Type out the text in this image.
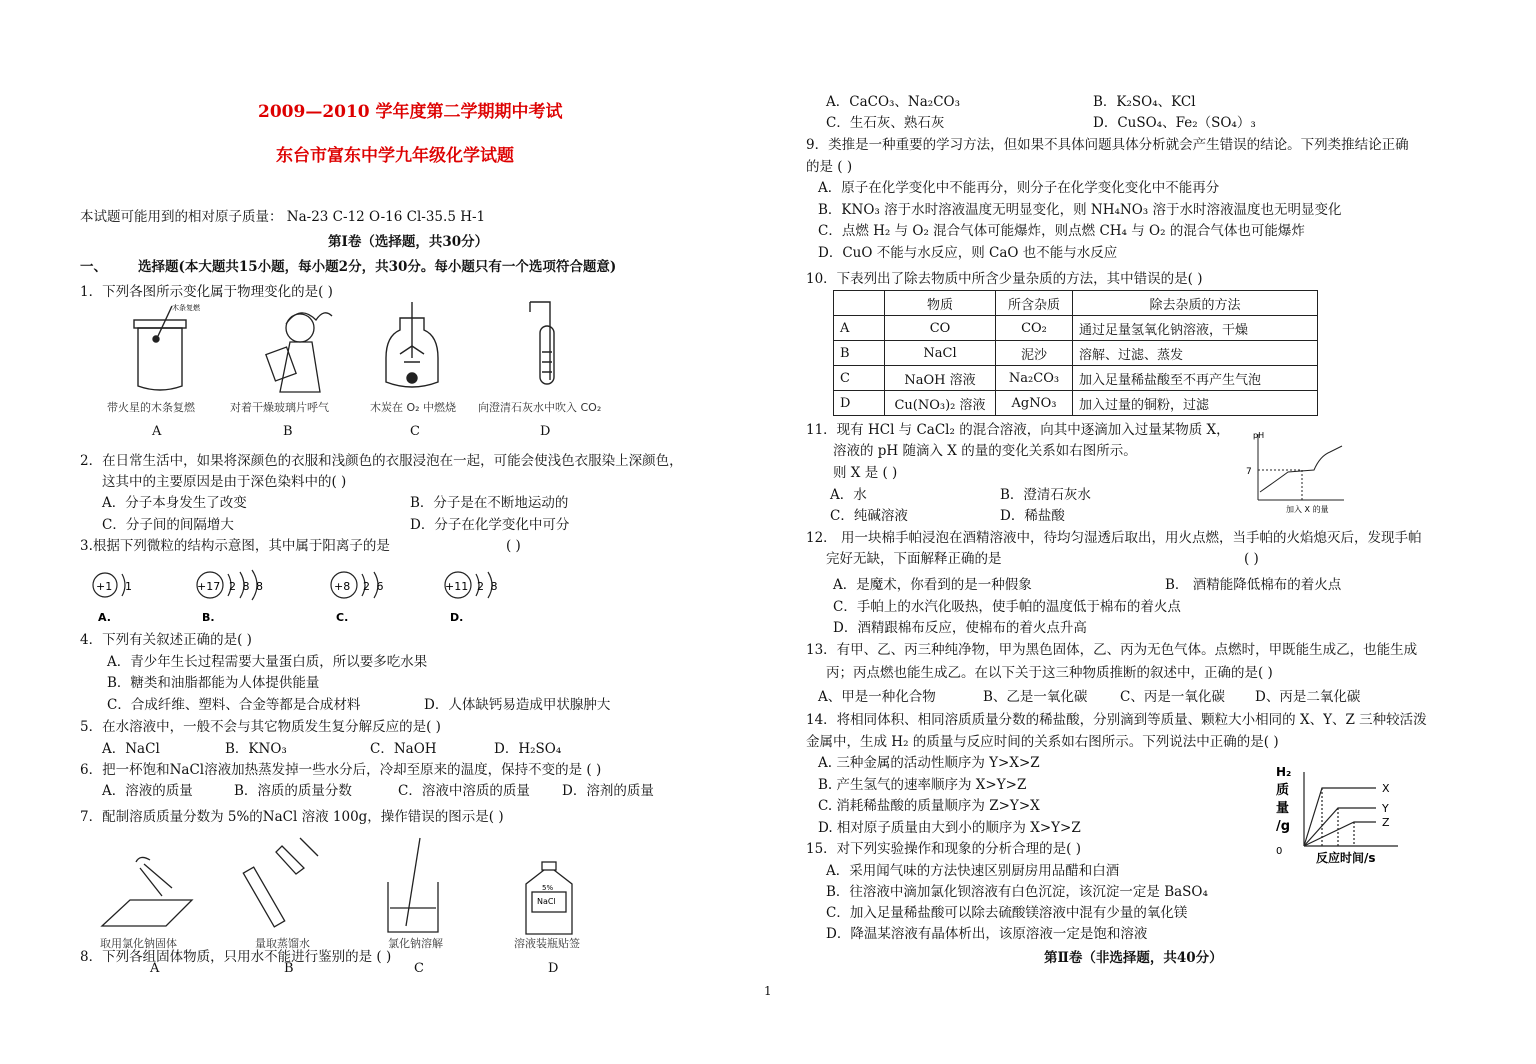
2009—2010 学年度第二学期期中考试
东台市富东中学九年级化学试题
本试题可能用到的相对原子质量： Na-23 C-12 O-16 Cl-35.5 H-1
第Ⅰ卷（选择题，共30分）
一、 选择题(本大题共15小题，每小题2分，共30分。每小题只有一个选项符合题意)
1．下列各图所示变化属于物理变化的是( )
木条复燃
带火星的木条复燃	对着干燥玻璃片呼气	木炭在 O₂ 中燃烧 向澄清石灰水中吹入 CO₂
A	B	C	D
2．在日常生活中，如果将深颜色的衣服和浅颜色的衣服浸泡在一起，可能会使浅色衣服染上深颜色，
这其中的主要原因是由于深色染料中的( )
A．分子本身发生了改变	B．分子是在不断地运动的
C．分子间的间隔增大	D．分子在化学变化中可分
3.根据下列微粒的结构示意图，其中属于阳离子的是	( )
+1 1
A.
+17 2 8 8
B.
+8 2 6
C.
+11 2 8
D.
4．下列有关叙述正确的是( )
A．青少年生长过程需要大量蛋白质，所以要多吃水果
B．糖类和油脂都能为人体提供能量
C．合成纤维、塑料、合金等都是合成材料	D．人体缺钙易造成甲状腺肿大
5．在水溶液中，一般不会与其它物质发生复分解反应的是( )
A．NaCl	B．KNO₃	C．NaOH	D．H₂SO₄
6．把一杯饱和NaCl溶液加热蒸发掉一些水分后，冷却至原来的温度，保持不变的是 ( )
A．溶液的质量	B．溶质的质量分数	C．溶液中溶质的质量 D．溶剂的质量
7．配制溶质质量分数为 5%的NaCl 溶液 100g，操作错误的图示是( )
5%
NaCl
取用氯化钠固体	量取蒸馏水	氯化钠溶解	溶液装瓶贴签
8．下列各组固体物质，只用水不能进行鉴别的是 ( )
A	B	C	D
A．CaCO₃、Na₂CO₃	B．K₂SO₄、KCl
C．生石灰、熟石灰	D．CuSO₄、Fe₂（SO₄）₃
9．类推是一种重要的学习方法，但如果不具体问题具体分析就会产生错误的结论。下列类推结论正确
的是 ( )
A．原子在化学变化中不能再分，则分子在化学变化变化中不能再分
B．KNO₃ 溶于水时溶液温度无明显变化，则 NH₄NO₃ 溶于水时溶液温度也无明显变化
C．点燃 H₂ 与 O₂ 混合气体可能爆炸，则点燃 CH₄ 与 O₂ 的混合气体也可能爆炸
D．CuO 不能与水反应，则 CaO 也不能与水反应
10．下表列出了除去物质中所含少量杂质的方法，其中错误的是( )
	物质	所含杂质	除去杂质的方法
A	CO	CO₂	通过足量氢氧化钠溶液，干燥
B	NaCl	泥沙	溶解、过滤、蒸发
C	NaOH 溶液	Na₂CO₃	加入足量稀盐酸至不再产生气泡
D	Cu(NO₃)₂ 溶液	AgNO₃	加入过量的铜粉，过滤
11．现有 HCl 与 CaCl₂ 的混合溶液，向其中逐滴加入过量某物质 X，
溶液的 pH 随滴入 X 的量的变化关系如右图所示。
则 X 是 ( )
A．水	B．澄清石灰水
C．纯碱溶液	D．稀盐酸
pH
7
加入 X 的量
12． 用一块棉手帕浸泡在酒精溶液中，待均匀湿透后取出，用火点燃，当手帕的火焰熄灭后，发现手帕
完好无缺，下面解释正确的是	( )
A．是魔术，你看到的是一种假象	B． 酒精能降低棉布的着火点
C．手帕上的水汽化吸热，使手帕的温度低于棉布的着火点
D．酒精跟棉布反应，使棉布的着火点升高
13．有甲、乙、丙三种纯净物，甲为黑色固体，乙、丙为无色气体。点燃时，甲既能生成乙，也能生成
丙；丙点燃也能生成乙。在以下关于这三种物质推断的叙述中，正确的是( )
A、甲是一种化合物	B、乙是一氧化碳 C、丙是一氧化碳 D、丙是二氧化碳
14．将相同体积、相同溶质质量分数的稀盐酸，分别滴到等质量、颗粒大小相同的 X、Y、Z 三种较活泼
金属中，生成 H₂ 的质量与反应时间的关系如右图所示。下列说法中正确的是( )
A. 三种金属的活动性顺序为 Y>X>Z
B. 产生氢气的速率顺序为 X>Y>Z
C. 消耗稀盐酸的质量顺序为 Z>Y>X
D. 相对原子质量由大到小的顺序为 X>Y>Z
H₂
质
量
/g
0	反应时间/s
X
Y
Z
15．对下列实验操作和现象的分析合理的是( )
A．采用闻气味的方法快速区别厨房用品醋和白酒
B．往溶液中滴加氯化钡溶液有白色沉淀，该沉淀一定是 BaSO₄
C．加入足量稀盐酸可以除去硫酸镁溶液中混有少量的氧化镁
D．降温某溶液有晶体析出，该原溶液一定是饱和溶液
第Ⅱ卷（非选择题，共40分）
1
